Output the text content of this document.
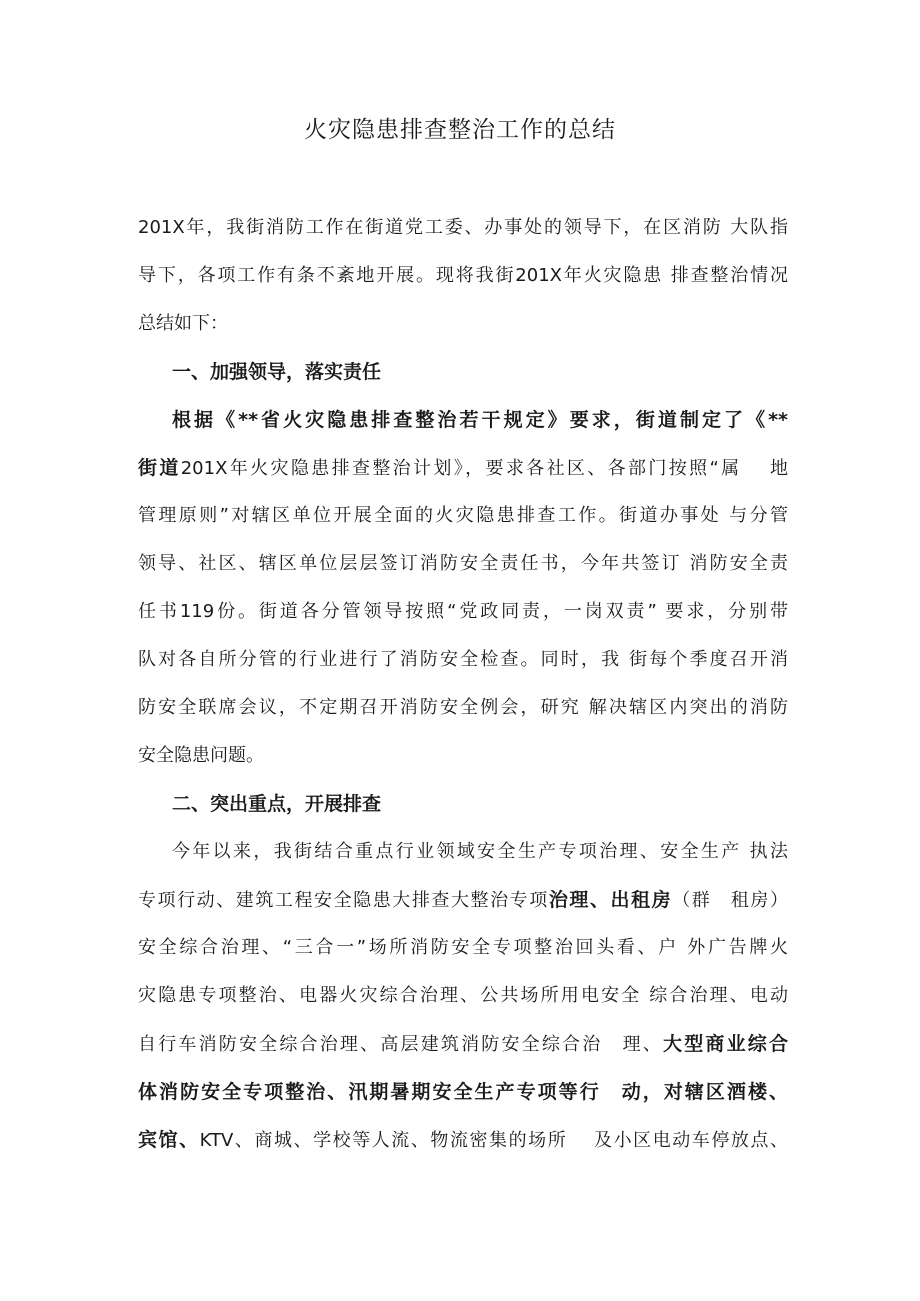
火灾隐患排查整治工作的总结

201X年，我街消防工作在街道党工委、办事处的领导下，在区消防 大队指

导下，各项工作有条不紊地开展。现将我街201X年火灾隐患 排查整治情况

总结如下：

一、加强领导，落实责任

根据《**省火灾隐患排查整治若干规定》要求，街道制定了《**

街道201X年火灾隐患排查整治计划》，要求各社区、各部门按照“属　 地

管理原则”对辖区单位开展全面的火灾隐患排查工作。街道办事处 与分管

领导、社区、辖区单位层层签订消防安全责任书，今年共签订 消防安全责

任书119份。街道各分管领导按照“党政同责，一岗双责” 要求，分别带

队对各自所分管的行业进行了消防安全检查。同时，我 街每个季度召开消

防安全联席会议，不定期召开消防安全例会，研究 解决辖区内突出的消防

安全隐患问题。

二、突出重点，开展排查

今年以来，我街结合重点行业领域安全生产专项治理、安全生产 执法

专项行动、建筑工程安全隐患大排查大整治专项治理、出租房（群　租房）

安全综合治理、“三合一”场所消防安全专项整治回头看、户 外广告牌火

灾隐患专项整治、电器火灾综合治理、公共场所用电安全 综合治理、电动

自行车消防安全综合治理、高层建筑消防安全综合治　理、大型商业综合

体消防安全专项整治、汛期暑期安全生产专项等行　动，对辖区酒楼、

宾馆、KTV、商城、学校等人流、物流密集的场所　 及小区电动车停放点、
